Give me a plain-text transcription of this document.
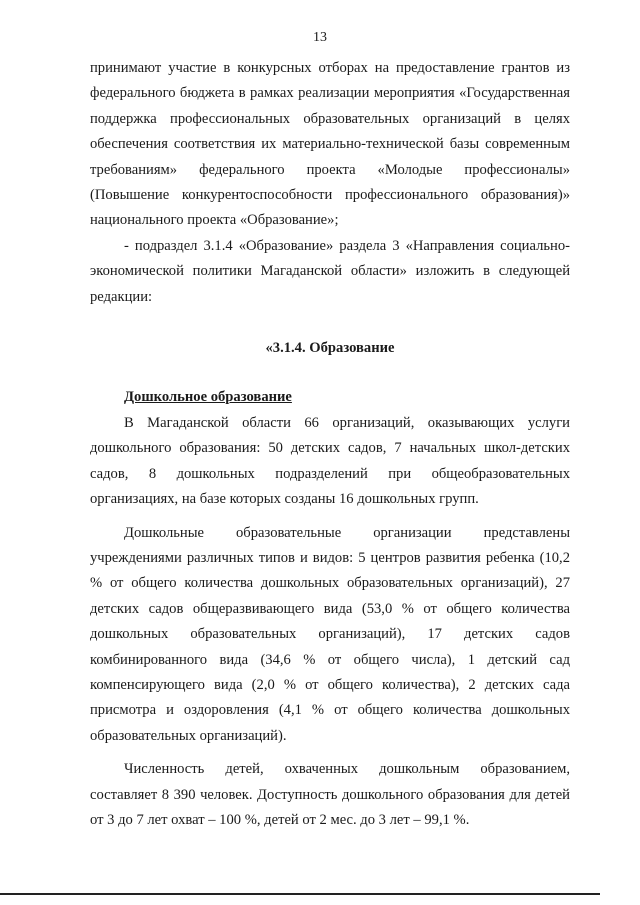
13

принимают участие в конкурсных отборах на предоставление грантов из федерального бюджета в рамках реализации мероприятия «Государственная поддержка профессиональных образовательных организаций в целях обеспечения соответствия их материально-технической базы современным требованиям» федерального проекта «Молодые профессионалы» (Повышение конкурентоспособности профессионального образования)» национального проекта «Образование»;

- подраздел 3.1.4 «Образование» раздела 3 «Направления социально-экономической политики Магаданской области» изложить в следующей редакции:

«3.1.4. Образование

Дошкольное образование

В Магаданской области 66 организаций, оказывающих услуги дошкольного образования: 50 детских садов, 7 начальных школ-детских садов, 8 дошкольных подразделений при общеобразовательных организациях, на базе которых созданы 16 дошкольных групп.

Дошкольные образовательные организации представлены учреждениями различных типов и видов: 5 центров развития ребенка (10,2 % от общего количества дошкольных образовательных организаций), 27 детских садов общеразвивающего вида (53,0 % от общего количества дошкольных образовательных организаций), 17 детских садов комбинированного вида (34,6 % от общего числа), 1 детский сад компенсирующего вида (2,0 % от общего количества), 2 детских сада присмотра и оздоровления (4,1 % от общего количества дошкольных образовательных организаций).

Численность детей, охваченных дошкольным образованием, составляет 8 390 человек. Доступность дошкольного образования для детей от 3 до 7 лет охват – 100 %, детей от 2 мес. до 3 лет – 99,1 %.
